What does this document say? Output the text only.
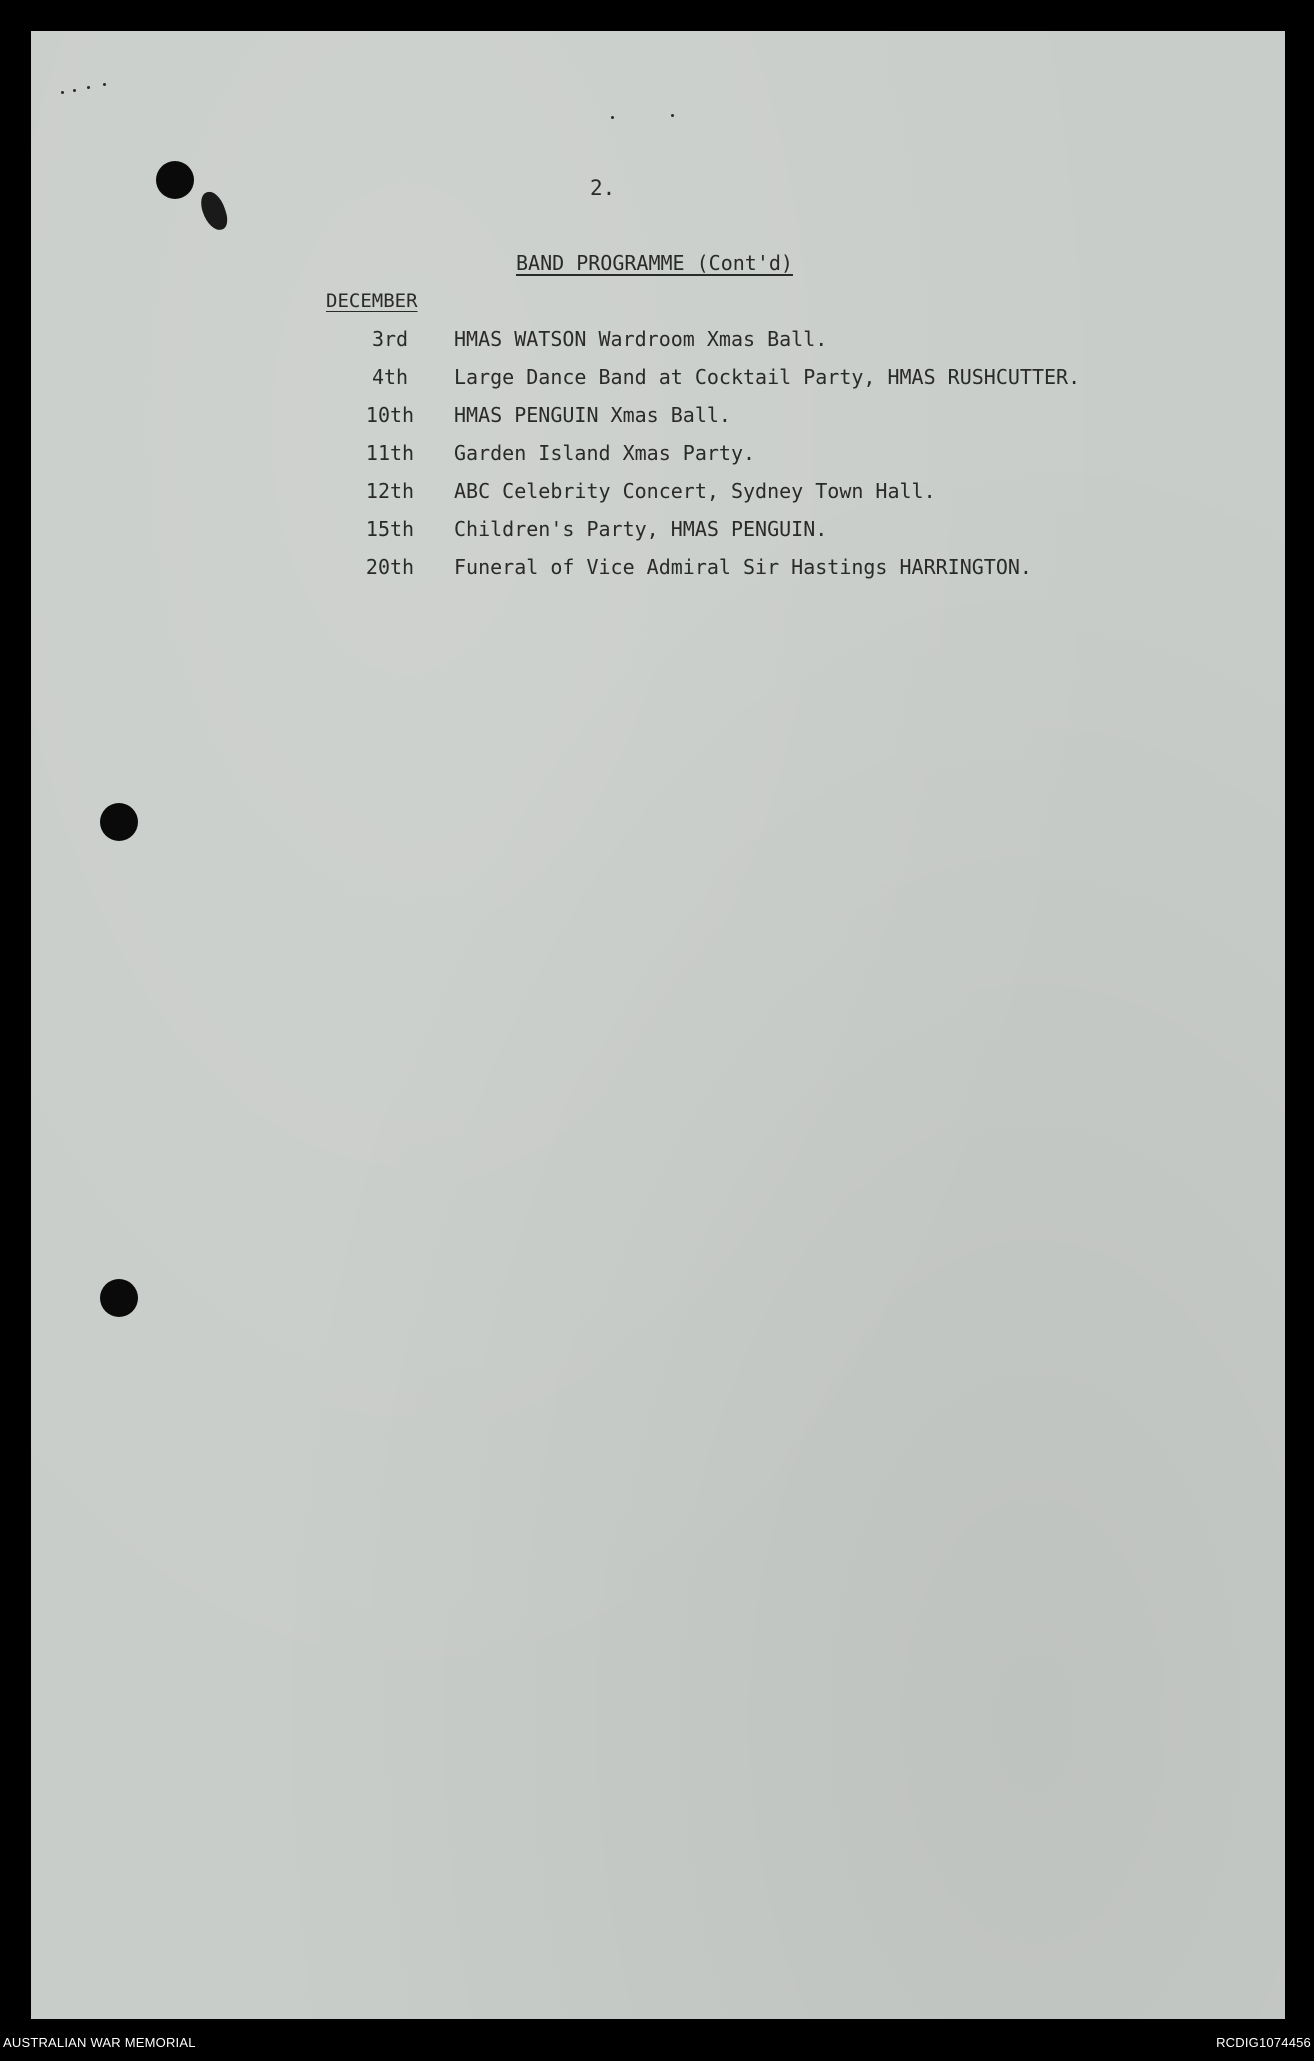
2.
BAND PROGRAMME (Cont'd)
DECEMBER
3rd	HMAS WATSON Wardroom Xmas Ball.
4th	Large Dance Band at Cocktail Party, HMAS RUSHCUTTER.
10th	HMAS PENGUIN Xmas Ball.
11th	Garden Island Xmas Party.
12th	ABC Celebrity Concert, Sydney Town Hall.
15th	Children's Party, HMAS PENGUIN.
20th	Funeral of Vice Admiral Sir Hastings HARRINGTON.
AUSTRALIAN WAR MEMORIAL	RCDIG1074456
